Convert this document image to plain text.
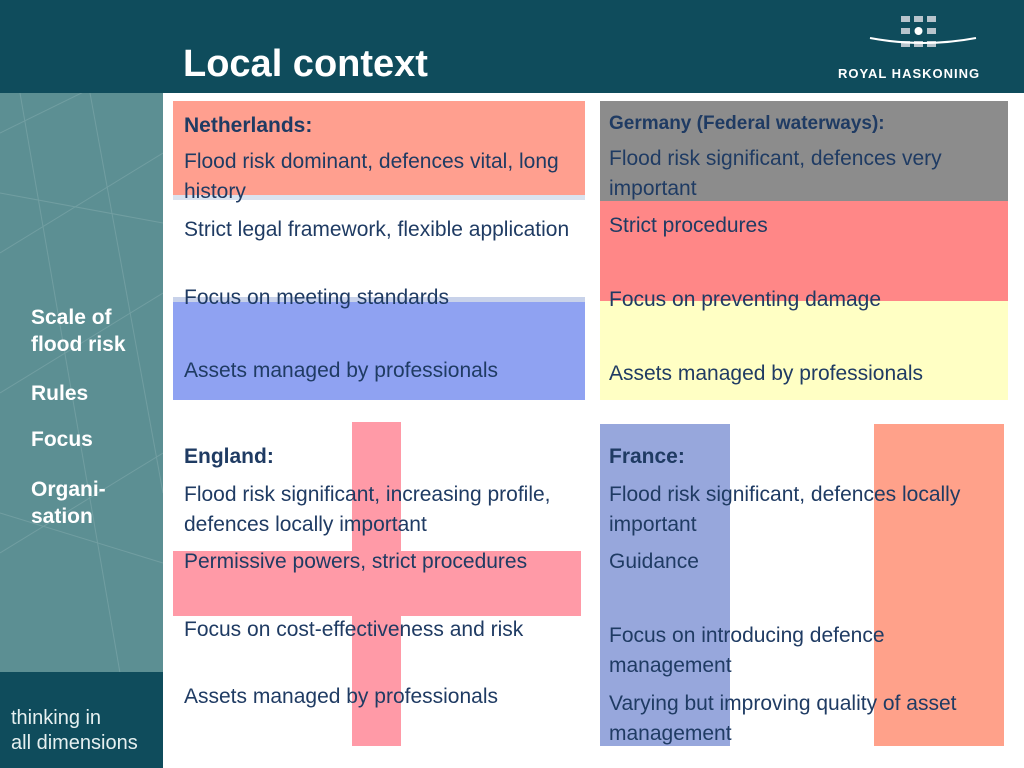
Local context	ROYAL HASKONING
Scale of
flood risk
Rules
Focus
Organi-
sation
thinking in
all dimensions
Netherlands:
Flood risk dominant, defences vital, long history
Strict legal framework, flexible application
Focus on meeting standards
Assets managed by professionals
Germany (Federal waterways):
Flood risk significant, defences very important
Strict procedures
Focus on preventing damage
Assets managed by professionals
England:
Flood risk significant, increasing profile, defences locally important
Permissive powers, strict procedures
Focus on cost-effectiveness and risk
Assets managed by professionals
France:
Flood risk significant, defences locally important
Guidance
Focus on introducing defence management
Varying but improving quality of asset management
